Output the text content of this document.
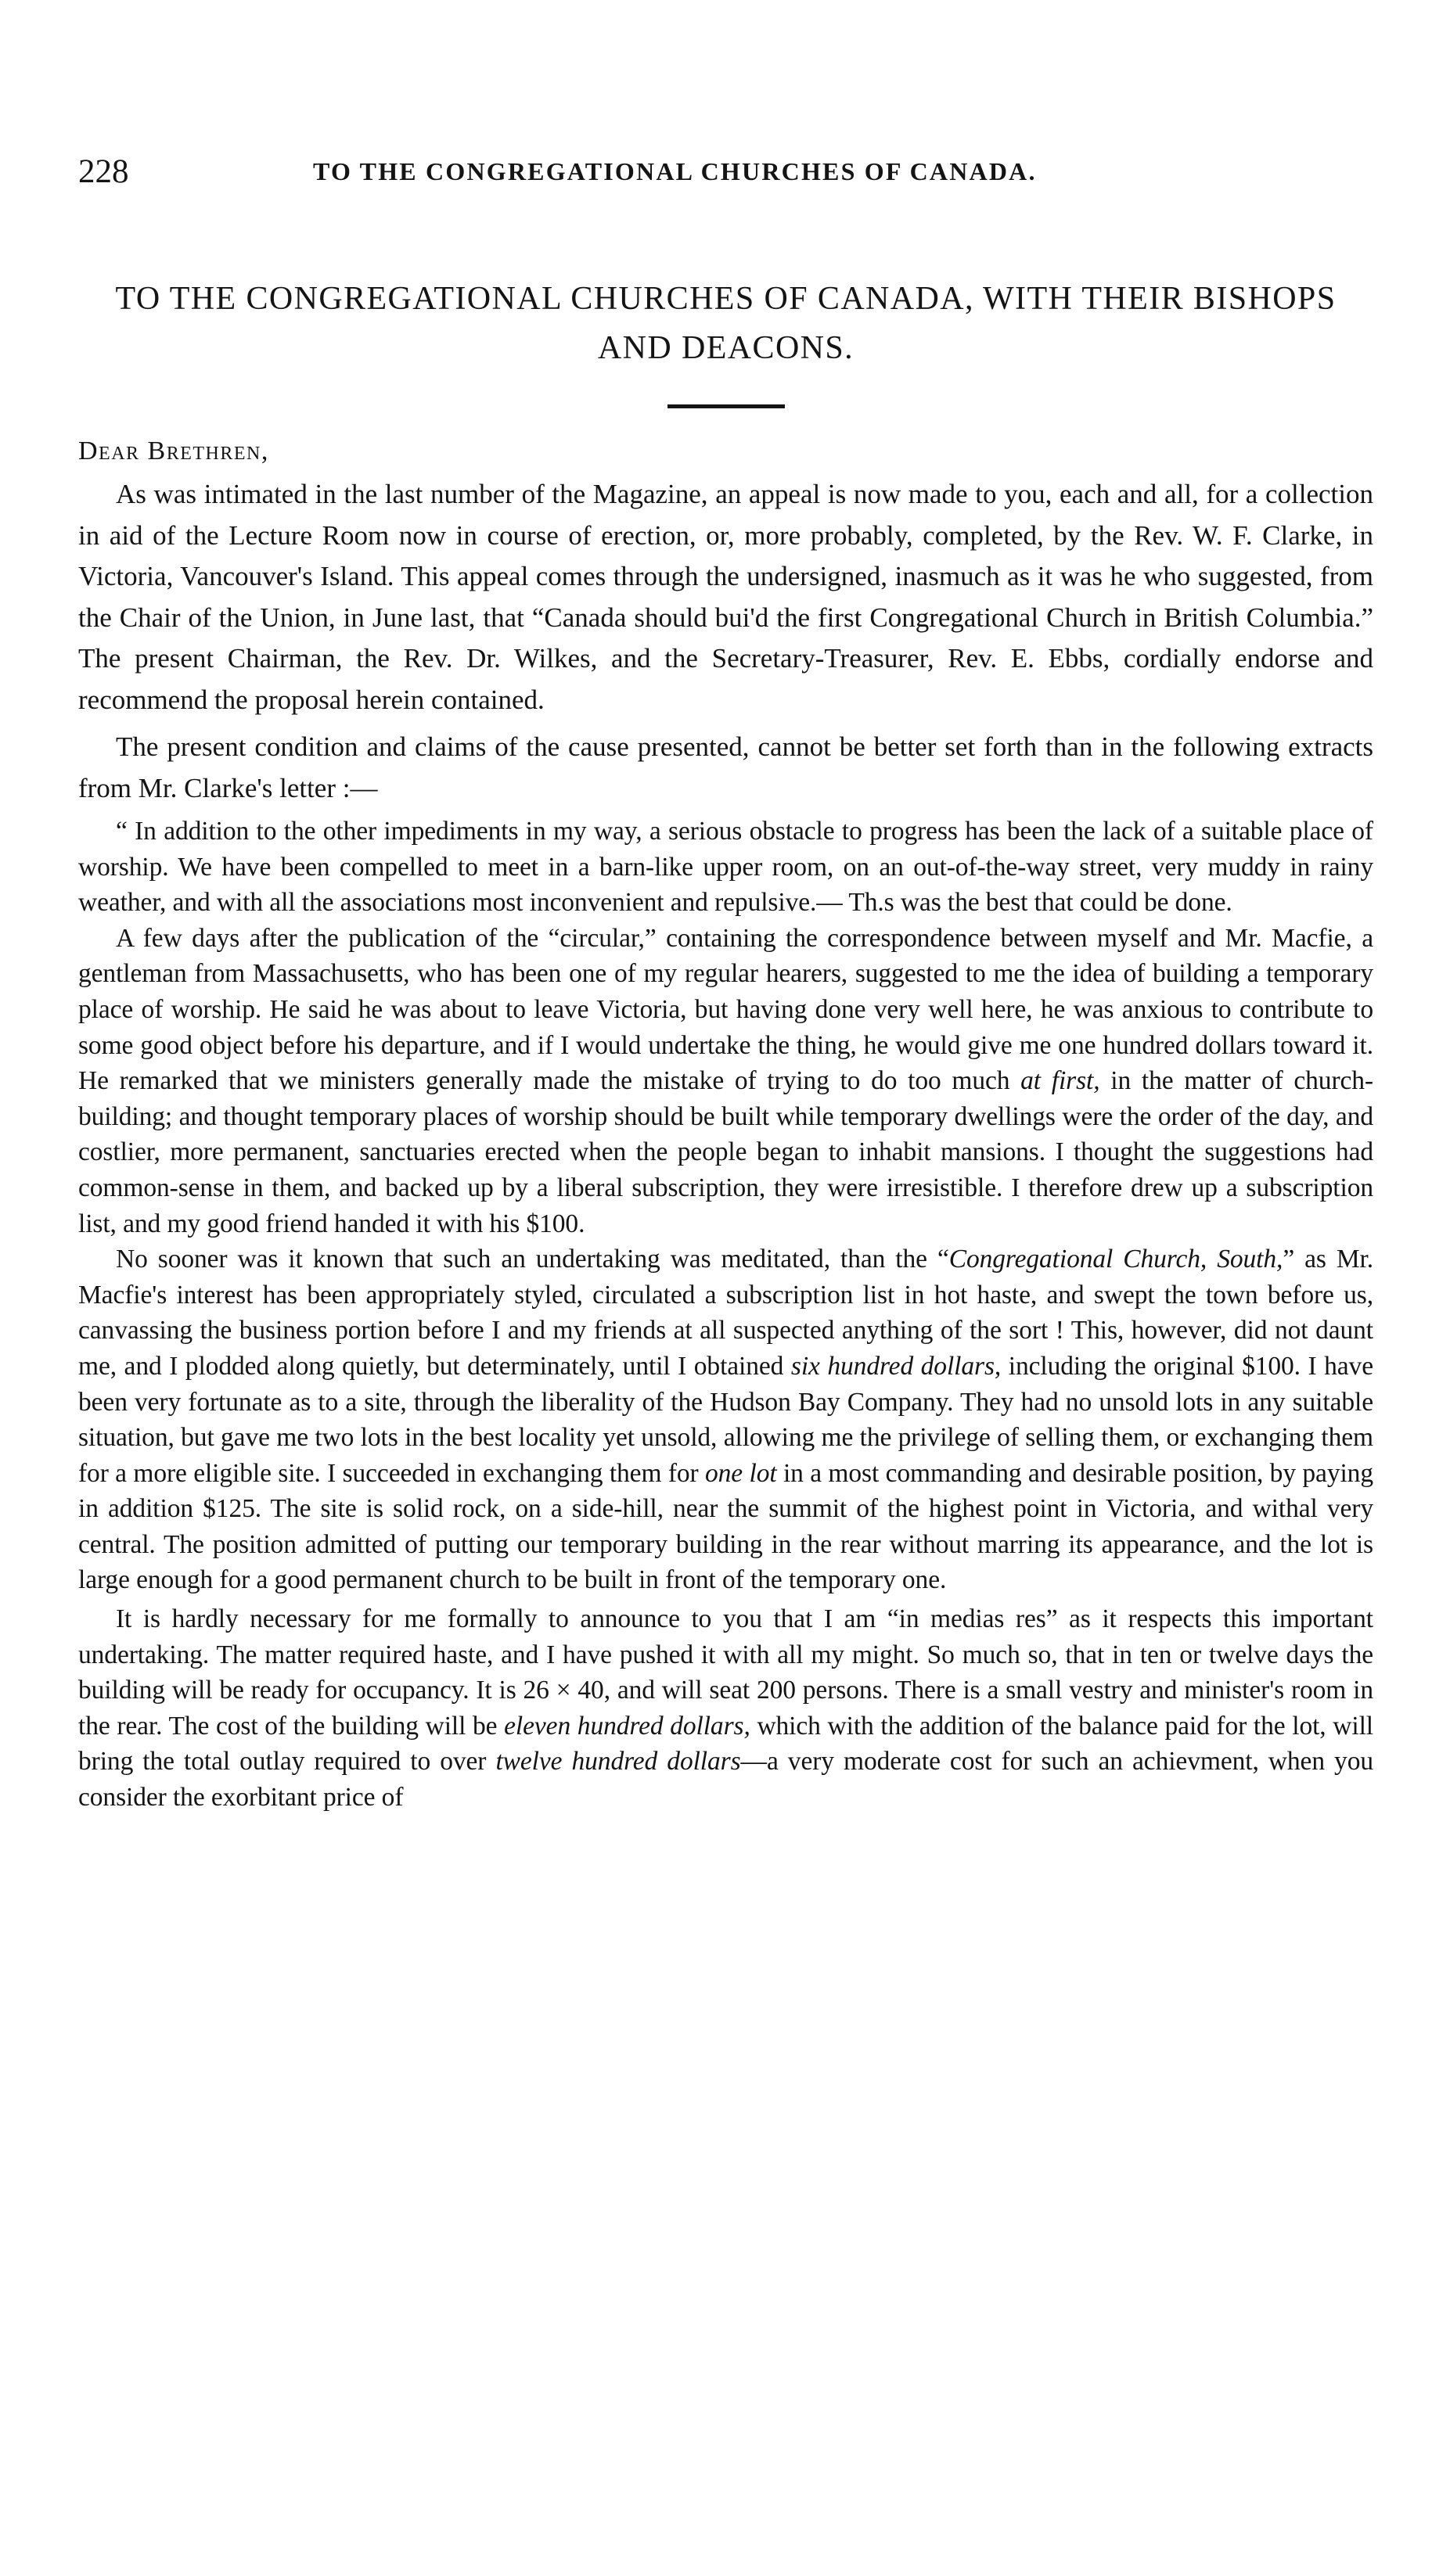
228	TO THE CONGREGATIONAL CHURCHES OF CANADA.
TO THE CONGREGATIONAL CHURCHES OF CANADA, WITH THEIR BISHOPS AND DEACONS.

Dear Brethren,

As was intimated in the last number of the Magazine, an appeal is now made to you, each and all, for a collection in aid of the Lecture Room now in course of erection, or, more probably, completed, by the Rev. W. F. Clarke, in Victoria, Vancouver's Island. This appeal comes through the undersigned, inasmuch as it was he who suggested, from the Chair of the Union, in June last, that “Canada should bui'd the first Congregational Church in British Columbia.” The present Chairman, the Rev. Dr. Wilkes, and the Secretary-Treasurer, Rev. E. Ebbs, cordially endorse and recommend the proposal herein contained.

The present condition and claims of the cause presented, cannot be better set forth than in the following extracts from Mr. Clarke's letter :—

“ In addition to the other impediments in my way, a serious obstacle to progress has been the lack of a suitable place of worship. We have been compelled to meet in a barn-like upper room, on an out-of-the-way street, very muddy in rainy weather, and with all the associations most inconvenient and repulsive.— Th.s was the best that could be done.

A few days after the publication of the “circular,” containing the correspondence between myself and Mr. Macfie, a gentleman from Massachusetts, who has been one of my regular hearers, suggested to me the idea of building a temporary place of worship. He said he was about to leave Victoria, but having done very well here, he was anxious to contribute to some good object before his departure, and if I would undertake the thing, he would give me one hundred dollars toward it. He remarked that we ministers generally made the mistake of trying to do too much at first, in the matter of church-building; and thought temporary places of worship should be built while temporary dwellings were the order of the day, and costlier, more permanent, sanctuaries erected when the people began to inhabit mansions. I thought the suggestions had common-sense in them, and backed up by a liberal subscription, they were irresistible. I therefore drew up a subscription list, and my good friend handed it with his $100.

No sooner was it known that such an undertaking was meditated, than the “Congregational Church, South,” as Mr. Macfie's interest has been appropriately styled, circulated a subscription list in hot haste, and swept the town before us, canvassing the business portion before I and my friends at all suspected anything of the sort ! This, however, did not daunt me, and I plodded along quietly, but determinately, until I obtained six hundred dollars, including the original $100. I have been very fortunate as to a site, through the liberality of the Hudson Bay Company. They had no unsold lots in any suitable situation, but gave me two lots in the best locality yet unsold, allowing me the privilege of selling them, or exchanging them for a more eligible site. I succeeded in exchanging them for one lot in a most commanding and desirable position, by paying in addition $125. The site is solid rock, on a side-hill, near the summit of the highest point in Victoria, and withal very central. The position admitted of putting our temporary building in the rear without marring its appearance, and the lot is large enough for a good permanent church to be built in front of the temporary one.

It is hardly necessary for me formally to announce to you that I am “in medias res” as it respects this important undertaking. The matter required haste, and I have pushed it with all my might. So much so, that in ten or twelve days the building will be ready for occupancy. It is 26 × 40, and will seat 200 persons. There is a small vestry and minister's room in the rear. The cost of the building will be eleven hundred dollars, which with the addition of the balance paid for the lot, will bring the total outlay required to over twelve hundred dollars—a very moderate cost for such an achievment, when you consider the exorbitant price of
